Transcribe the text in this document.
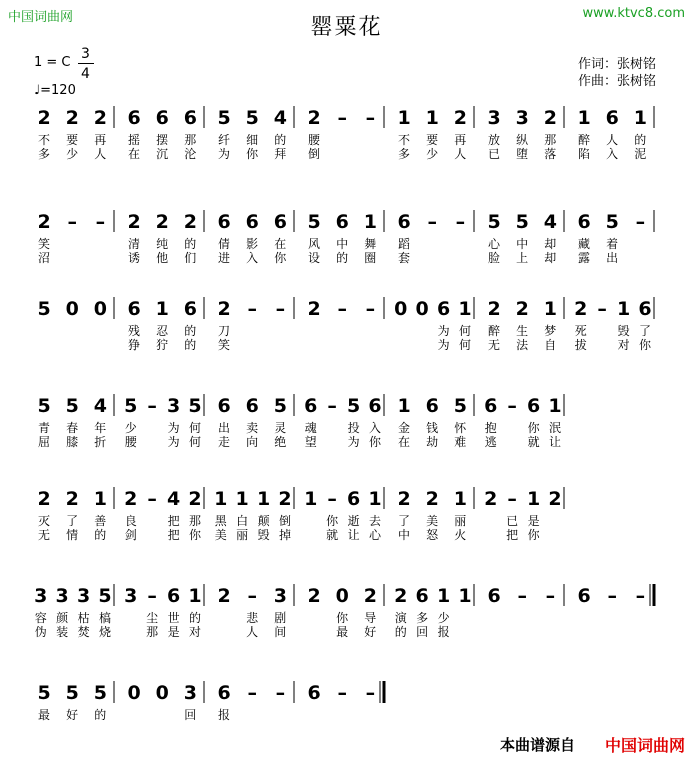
中国词曲网	www.ktvc8.com
罂粟花
1 = C
3
4
♩=120
作词：张树铭
作曲：张树铭
2 2 2 6 6 6 5 5 4 2 – – 1 1 2 3 3 2 1 6 1
不 要 再 摇 摆 那 纤 细 的 腰	不 要 再 放 纵 那 醉 人 的
多 少 人 在 沉 沦 为 你 拜 倒	多 少 人 已 堕 落 陷 入 泥
2 – – 2 2 2 6 6 6 5 6 1 6 – – 5 5 4 6 5 –
笑	清 纯 的 倩 影 在 风 中 舞 蹈	心 中 却 藏 着
沼	诱 他 们 进 入 你 设 的 圈 套	脸 上 却 露 出
5 0 0 6 1 6 2 – – 2 – – 0 0 6 1 2 2 1 2 – 1 6
残 忍 的 刀	为 何 醉 生 梦 死	毁 了
狰 狞 的 笑	为 何 无 法 自 拔	对 你
5 5 4 5 – 3 5 6 6 5 6 – 5 6 1 6 5 6 – 6 1
青 春 年 少	为 何 出 卖 灵 魂	投 入 金 钱 怀 抱	你 泯
屈 膝 折 腰	为 何 走 向 绝 望	为 你 在 劫 难 逃	就 让
2 2 1 2 – 4 2 1 1 1 2 1 – 6 1 2 2 1 2 – 1 2
灭 了 善 良	把 那 黑 白 颠 倒	你 逝 去 了 美 丽	已 是
无 情 的 剑	把 你 美 丽 毁 掉	就 让 心 中 怒 火	把 你
3 3 3 5 3 – 6 1 2 – 3 2 0 2 2 6 1 1 6 – – 6 – –
容 颜 枯 槁	尘 世 的	悲 剧	你 导 演 多 少
伪 装 焚 烧	那 是 对	人 间	最 好 的 回 报
5 5 5 0 0 3 6 – – 6 – –
最 好 的	回 报
本曲谱源自 中国词曲网
